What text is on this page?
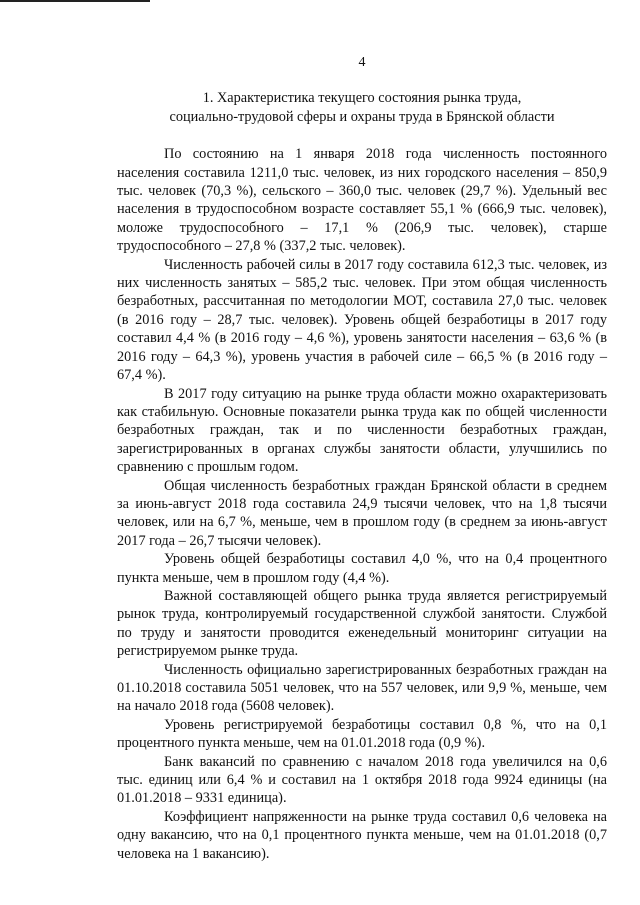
4
1. Характеристика текущего состояния рынка труда,
социально-трудовой сферы и охраны труда в Брянской области

По состоянию на 1 января 2018 года численность постоянного населения составила 1211,0 тыс. человек, из них городского населения – 850,9 тыс. человек (70,3 %), сельского – 360,0 тыс. человек (29,7 %). Удельный вес населения в трудоспособном возрасте составляет 55,1 % (666,9 тыс. человек), моложе трудоспособного – 17,1 % (206,9 тыс. человек), старше трудоспособного – 27,8 % (337,2 тыс. человек).

Численность рабочей силы в 2017 году составила 612,3 тыс. человек, из них численность занятых – 585,2 тыс. человек. При этом общая численность безработных, рассчитанная по методологии МОТ, составила 27,0 тыс. человек (в 2016 году – 28,7 тыс. человек). Уровень общей безработицы в 2017 году составил 4,4 % (в 2016 году – 4,6 %), уровень занятости населения – 63,6 % (в 2016 году – 64,3 %), уровень участия в рабочей силе – 66,5 % (в 2016 году – 67,4 %).

В 2017 году ситуацию на рынке труда области можно охарактеризовать как стабильную. Основные показатели рынка труда как по общей численности безработных граждан, так и по численности безработных граждан, зарегистрированных в органах службы занятости области, улучшились по сравнению с прошлым годом.

Общая численность безработных граждан Брянской области в среднем за июнь-август 2018 года составила 24,9 тысячи человек, что на 1,8 тысячи человек, или на 6,7 %, меньше, чем в прошлом году (в среднем за июнь-август 2017 года – 26,7 тысячи человек).

Уровень общей безработицы составил 4,0 %, что на 0,4 процентного пункта меньше, чем в прошлом году (4,4 %).

Важной составляющей общего рынка труда является регистрируемый рынок труда, контролируемый государственной службой занятости. Службой по труду и занятости проводится еженедельный мониторинг ситуации на регистрируемом рынке труда.

Численность официально зарегистрированных безработных граждан на 01.10.2018 составила 5051 человек, что на 557 человек, или 9,9 %, меньше, чем на начало 2018 года (5608 человек).

Уровень регистрируемой безработицы составил 0,8 %, что на 0,1 процентного пункта меньше, чем на 01.01.2018 года (0,9 %).

Банк вакансий по сравнению с началом 2018 года увеличился на 0,6 тыс. единиц или 6,4 % и составил на 1 октября 2018 года 9924 единицы (на 01.01.2018 – 9331 единица).

Коэффициент напряженности на рынке труда составил 0,6 человека на одну вакансию, что на 0,1 процентного пункта меньше, чем на 01.01.2018 (0,7 человека на 1 вакансию).
